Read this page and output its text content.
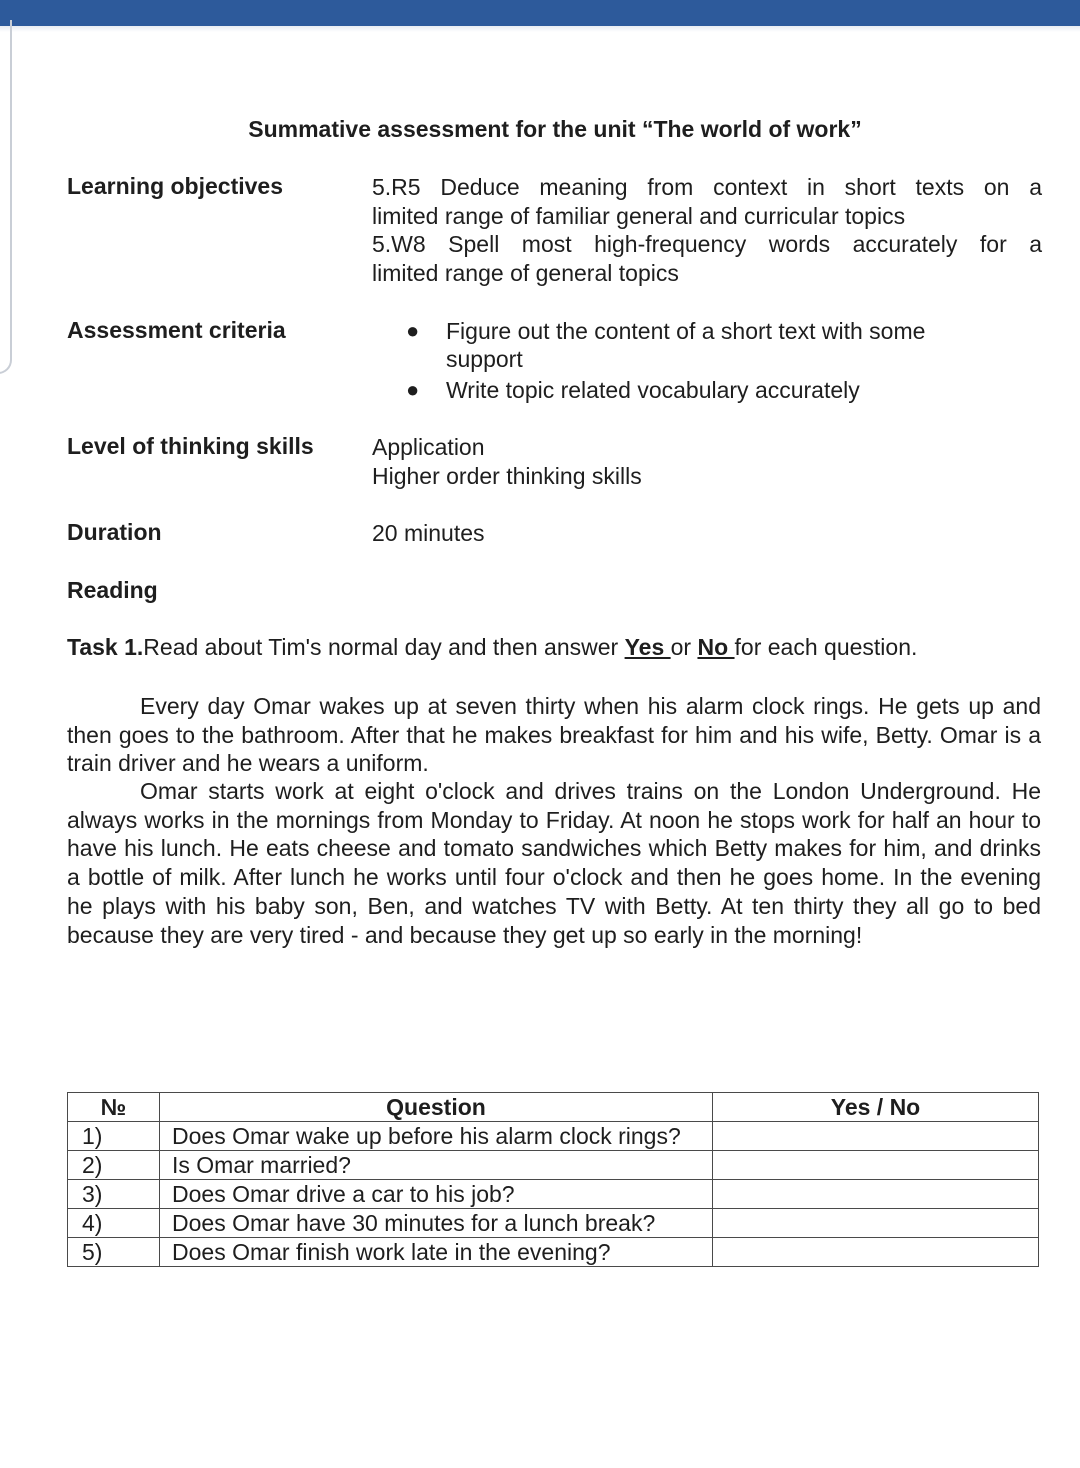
Summative assessment for the unit “The world of work”
Learning objectives	5.R5 Deduce meaning from context in short texts on a
limited range of familiar general and curricular topics
5.W8 Spell most high-frequency words accurately for a
limited range of general topics
Assessment criteria	● Figure out the content of a short text with some support
● Write topic related vocabulary accurately
Level of thinking skills	Application
Higher order thinking skills
Duration	20 minutes
Reading
Task 1.Read about Tim's normal day and then answer Yes or No for each question.
Every day Omar wakes up at seven thirty when his alarm clock rings. He gets up and then goes to the bathroom. After that he makes breakfast for him and his wife, Betty. Omar is a train driver and he wears a uniform.
Omar starts work at eight o'clock and drives trains on the London Underground. He always works in the mornings from Monday to Friday. At noon he stops work for half an hour to have his lunch. He eats cheese and tomato sandwiches which Betty makes for him, and drinks a bottle of milk. After lunch he works until four o'clock and then he goes home. In the evening he plays with his baby son, Ben, and watches TV with Betty. At ten thirty they all go to bed because they are very tired - and because they get up so early in the morning!
№	Question	Yes / No
1)	Does Omar wake up before his alarm clock rings?	
2)	Is Omar married?	
3)	Does Omar drive a car to his job?	
4)	Does Omar have 30 minutes for a lunch break?	
5)	Does Omar finish work late in the evening?	
